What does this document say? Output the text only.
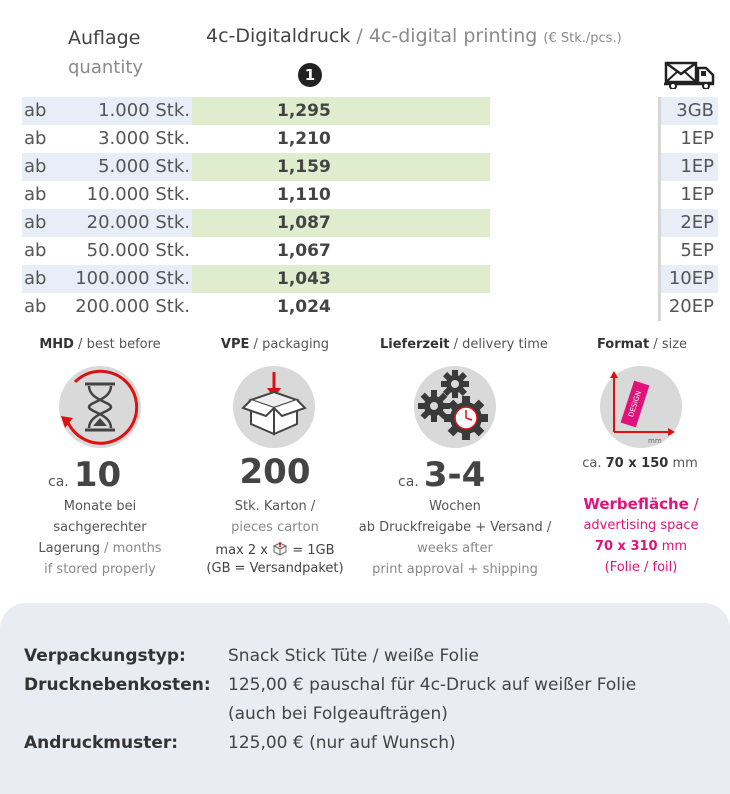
Auflage
quantity
4c-Digitaldruck / 4c-digital printing (€ Stk./pcs.)
1
ab	1.000 Stk.	1,295	3GB
ab	3.000 Stk.	1,210	1EP
ab	5.000 Stk.	1,159	1EP
ab	10.000 Stk.	1,110	1EP
ab	20.000 Stk.	1,087	2EP
ab	50.000 Stk.	1,067	5EP
ab	100.000 Stk.	1,043	10EP
ab	200.000 Stk.	1,024	20EP
MHD / best before
ca. 10
Monate bei
sachgerechter
Lagerung / months
if stored properly
VPE / packaging
200
Stk. Karton /
pieces carton
max 2 x = 1GB
(GB = Versandpaket)
Lieferzeit / delivery time
ca. 3-4
Wochen
ab Druckfreigabe + Versand /
weeks after
print approval + shipping
Format / size
DESIGN
mm
ca. 70 x 150 mm
Werbefläche /
advertising space
70 x 310 mm
(Folie / foil)
Verpackungstyp: Snack Stick Tüte / weiße Folie
Drucknebenkosten: 125,00 € pauschal für 4c-Druck auf weißer Folie
(auch bei Folgeaufträgen)
Andruckmuster:	125,00 € (nur auf Wunsch)
